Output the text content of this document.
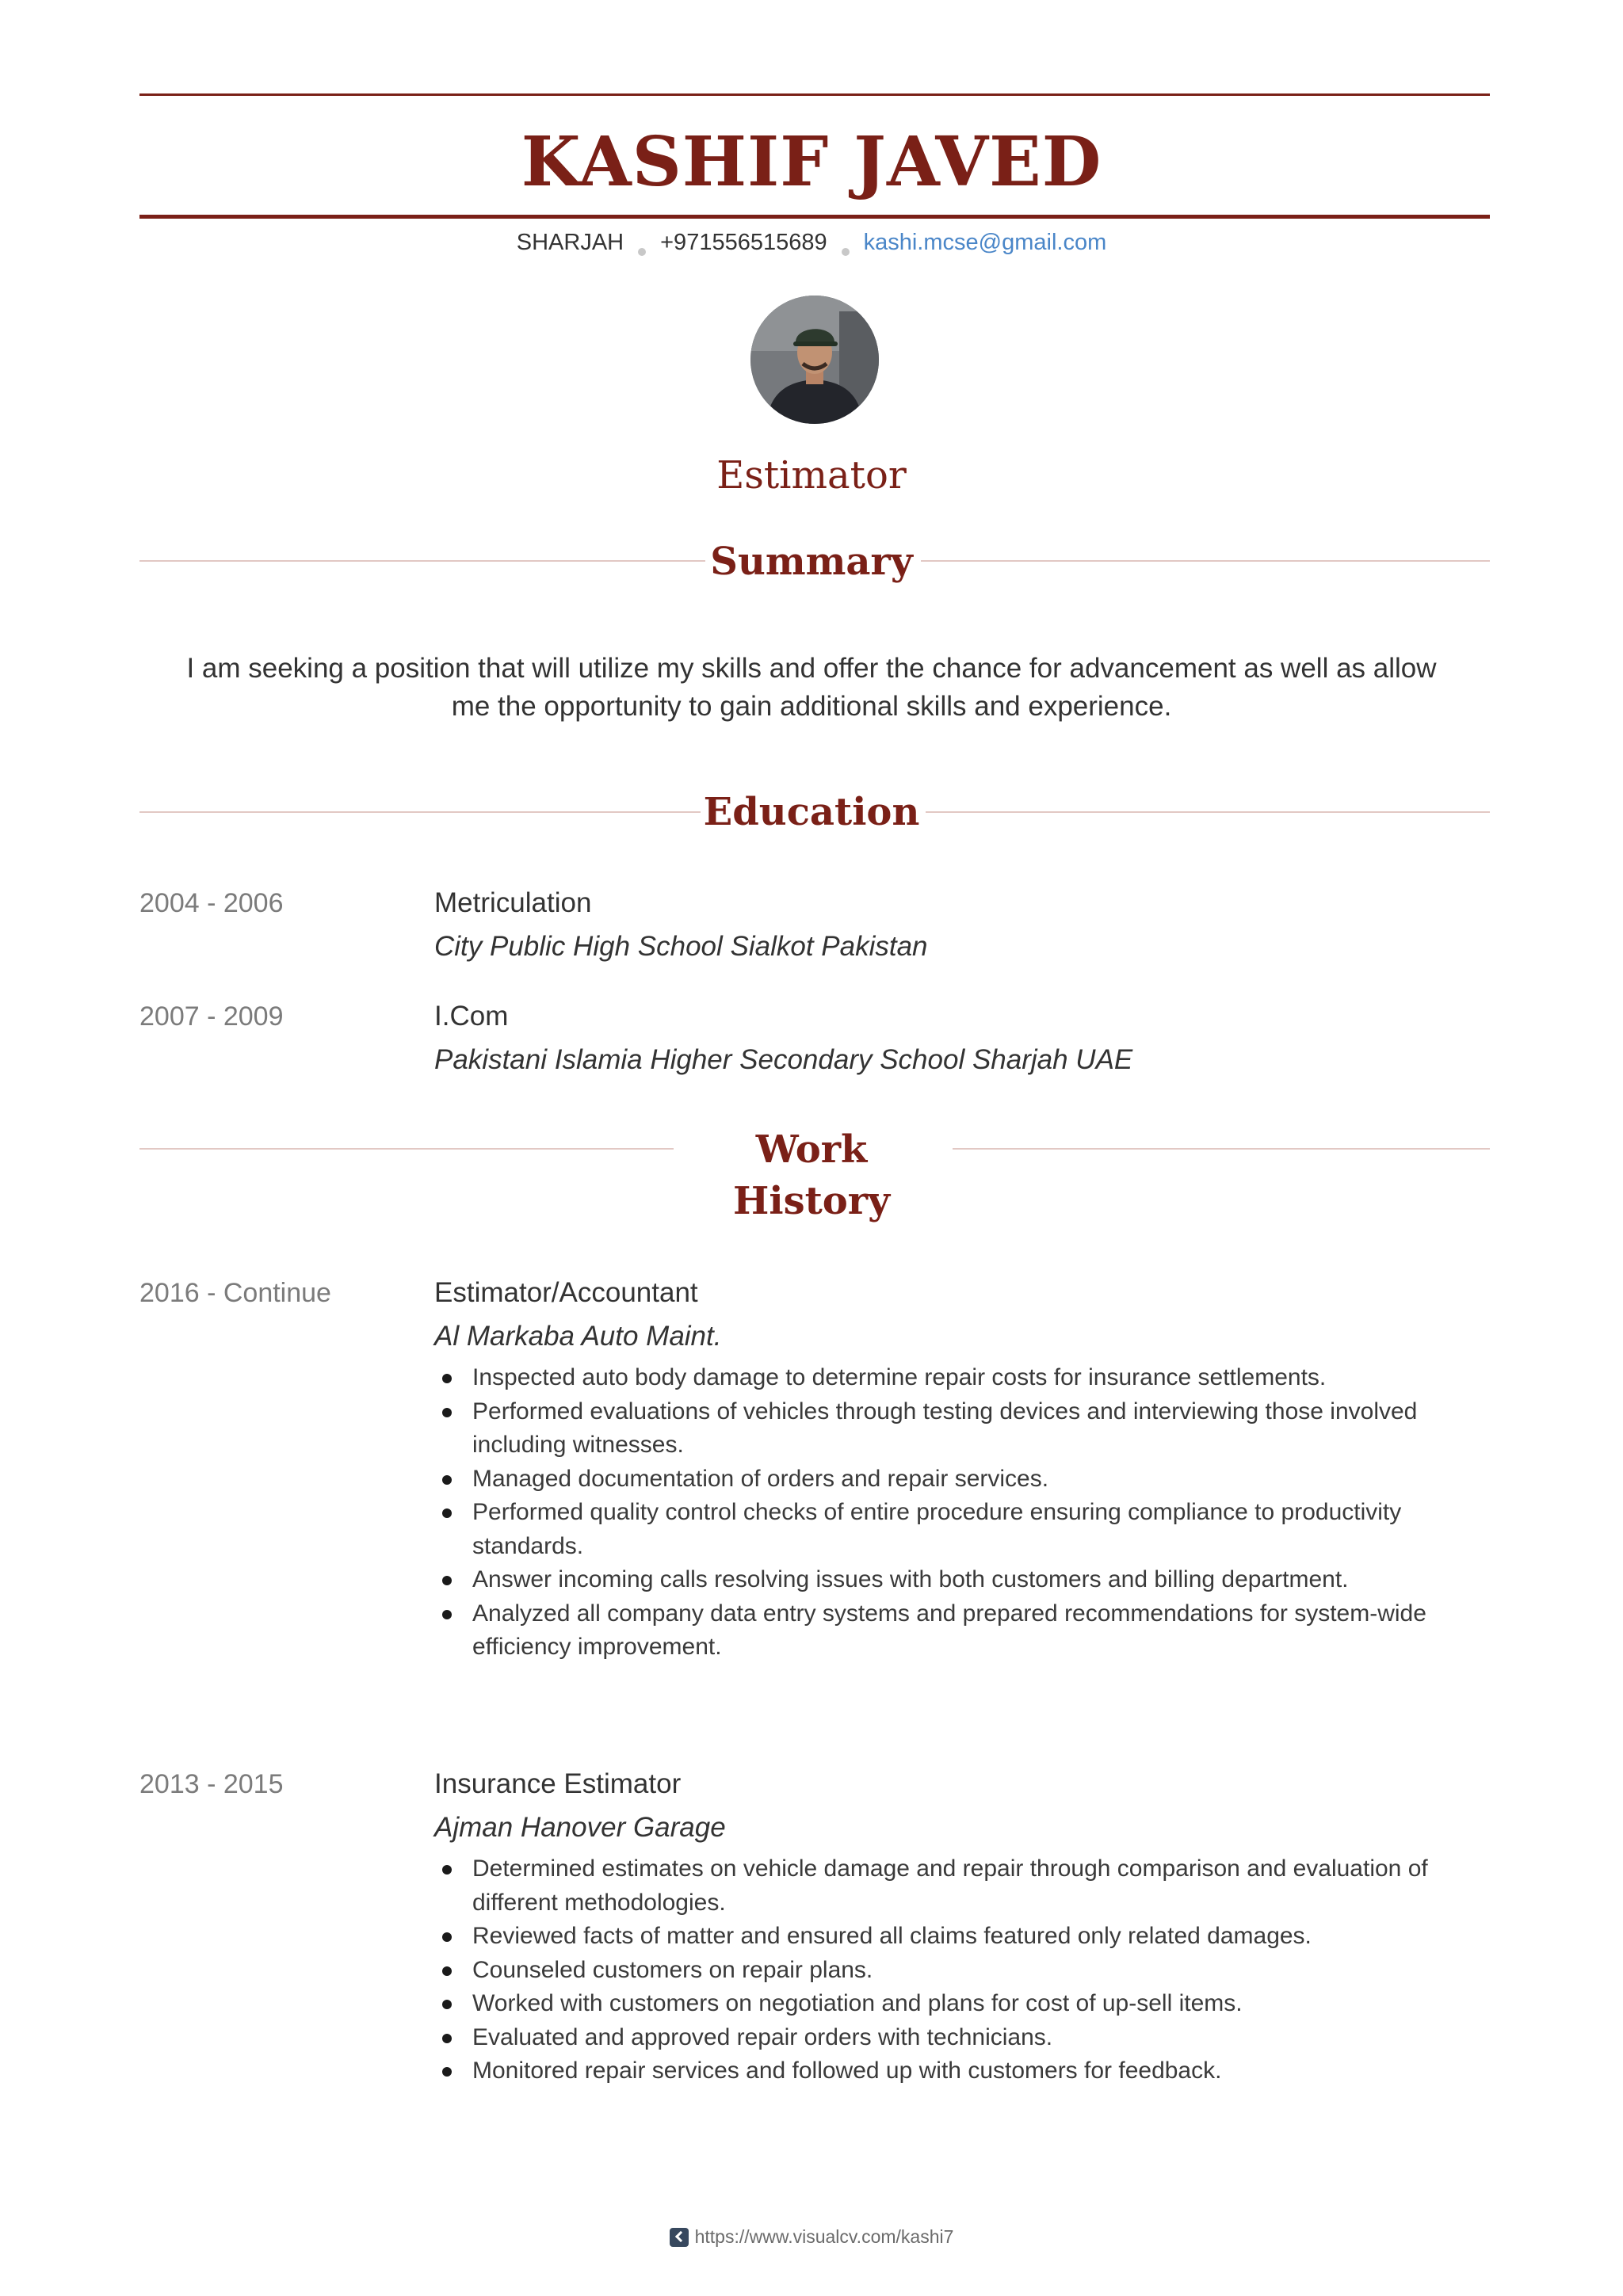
KASHIF JAVED
SHARJAH +971556515689 kashi.mcse@gmail.com
Estimator
Summary

I am seeking a position that will utilize my skills and offer the chance for advancement as well as allow me the opportunity to gain additional skills and experience.

Education
2004 - 2006	Metriculation
City Public High School Sialkot Pakistan
2007 - 2009	I.Com
Pakistani Islamia Higher Secondary School Sharjah UAE
Work
History
2016 - Continue	Estimator/Accountant
Al Markaba Auto Maint.
Inspected auto body damage to determine repair costs for insurance settlements.
Performed evaluations of vehicles through testing devices and interviewing those involved including witnesses.
Managed documentation of orders and repair services.
Performed quality control checks of entire procedure ensuring compliance to productivity standards.
Answer incoming calls resolving issues with both customers and billing department.
Analyzed all company data entry systems and prepared recommendations for system-wide efficiency improvement.
2013 - 2015	Insurance Estimator
Ajman Hanover Garage
Determined estimates on vehicle damage and repair through comparison and evaluation of different methodologies.
Reviewed facts of matter and ensured all claims featured only related damages.
Counseled customers on repair plans.
Worked with customers on negotiation and plans for cost of up-sell items.
Evaluated and approved repair orders with technicians.
Monitored repair services and followed up with customers for feedback.
https://www.visualcv.com/kashi7
